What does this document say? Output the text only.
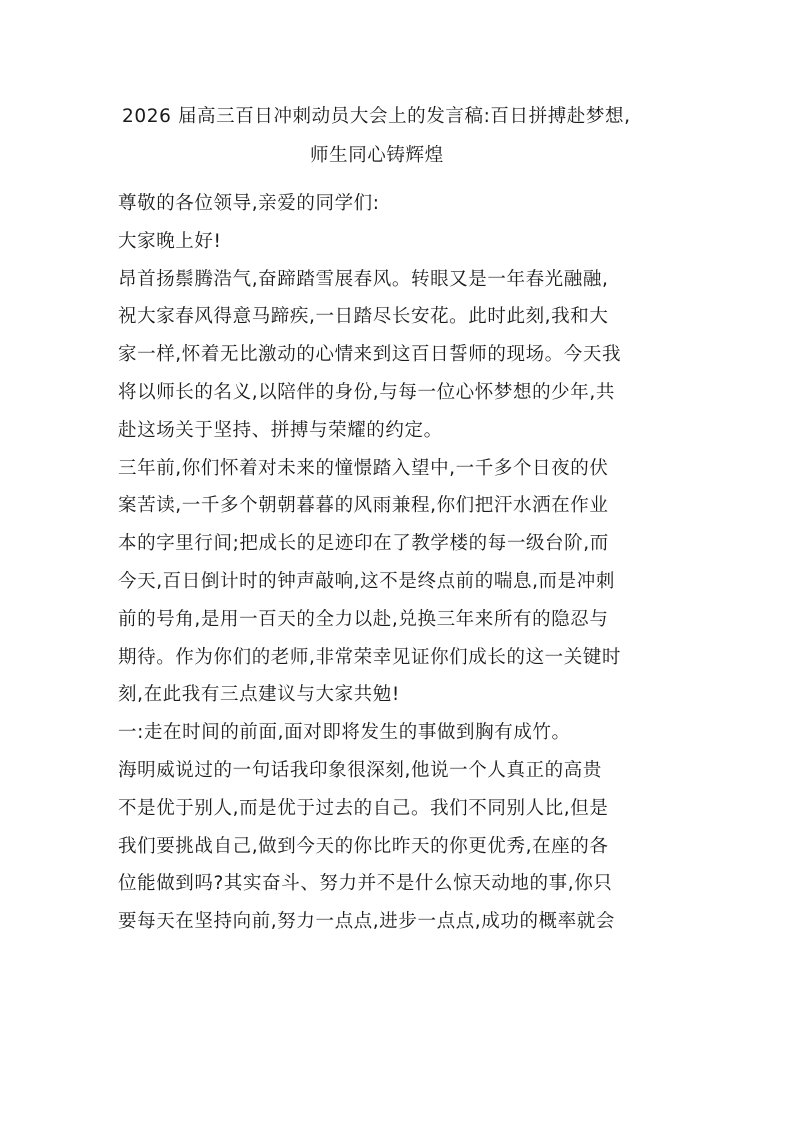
2026 届高三百日冲刺动员大会上的发言稿:百日拼搏赴梦想,
师生同心铸辉煌
尊敬的各位领导,亲爱的同学们:
大家晚上好!
昂首扬鬃腾浩气,奋蹄踏雪展春风。转眼又是一年春光融融,
祝大家春风得意马蹄疾,一日踏尽长安花。此时此刻,我和大
家一样,怀着无比激动的心情来到这百日誓师的现场。今天我
将以师长的名义,以陪伴的身份,与每一位心怀梦想的少年,共
赴这场关于坚持、拼搏与荣耀的约定。
三年前,你们怀着对未来的憧憬踏入望中,一千多个日夜的伏
案苦读,一千多个朝朝暮暮的风雨兼程,你们把汗水洒在作业
本的字里行间;把成长的足迹印在了教学楼的每一级台阶,而
今天,百日倒计时的钟声敲响,这不是终点前的喘息,而是冲刺
前的号角,是用一百天的全力以赴,兑换三年来所有的隐忍与
期待。作为你们的老师,非常荣幸见证你们成长的这一关键时
刻,在此我有三点建议与大家共勉!
一:走在时间的前面,面对即将发生的事做到胸有成竹。
海明威说过的一句话我印象很深刻,他说一个人真正的高贵
不是优于别人,而是优于过去的自己。我们不同别人比,但是
我们要挑战自己,做到今天的你比昨天的你更优秀,在座的各
位能做到吗?其实奋斗、努力并不是什么惊天动地的事,你只
要每天在坚持向前,努力一点点,进步一点点,成功的概率就会
